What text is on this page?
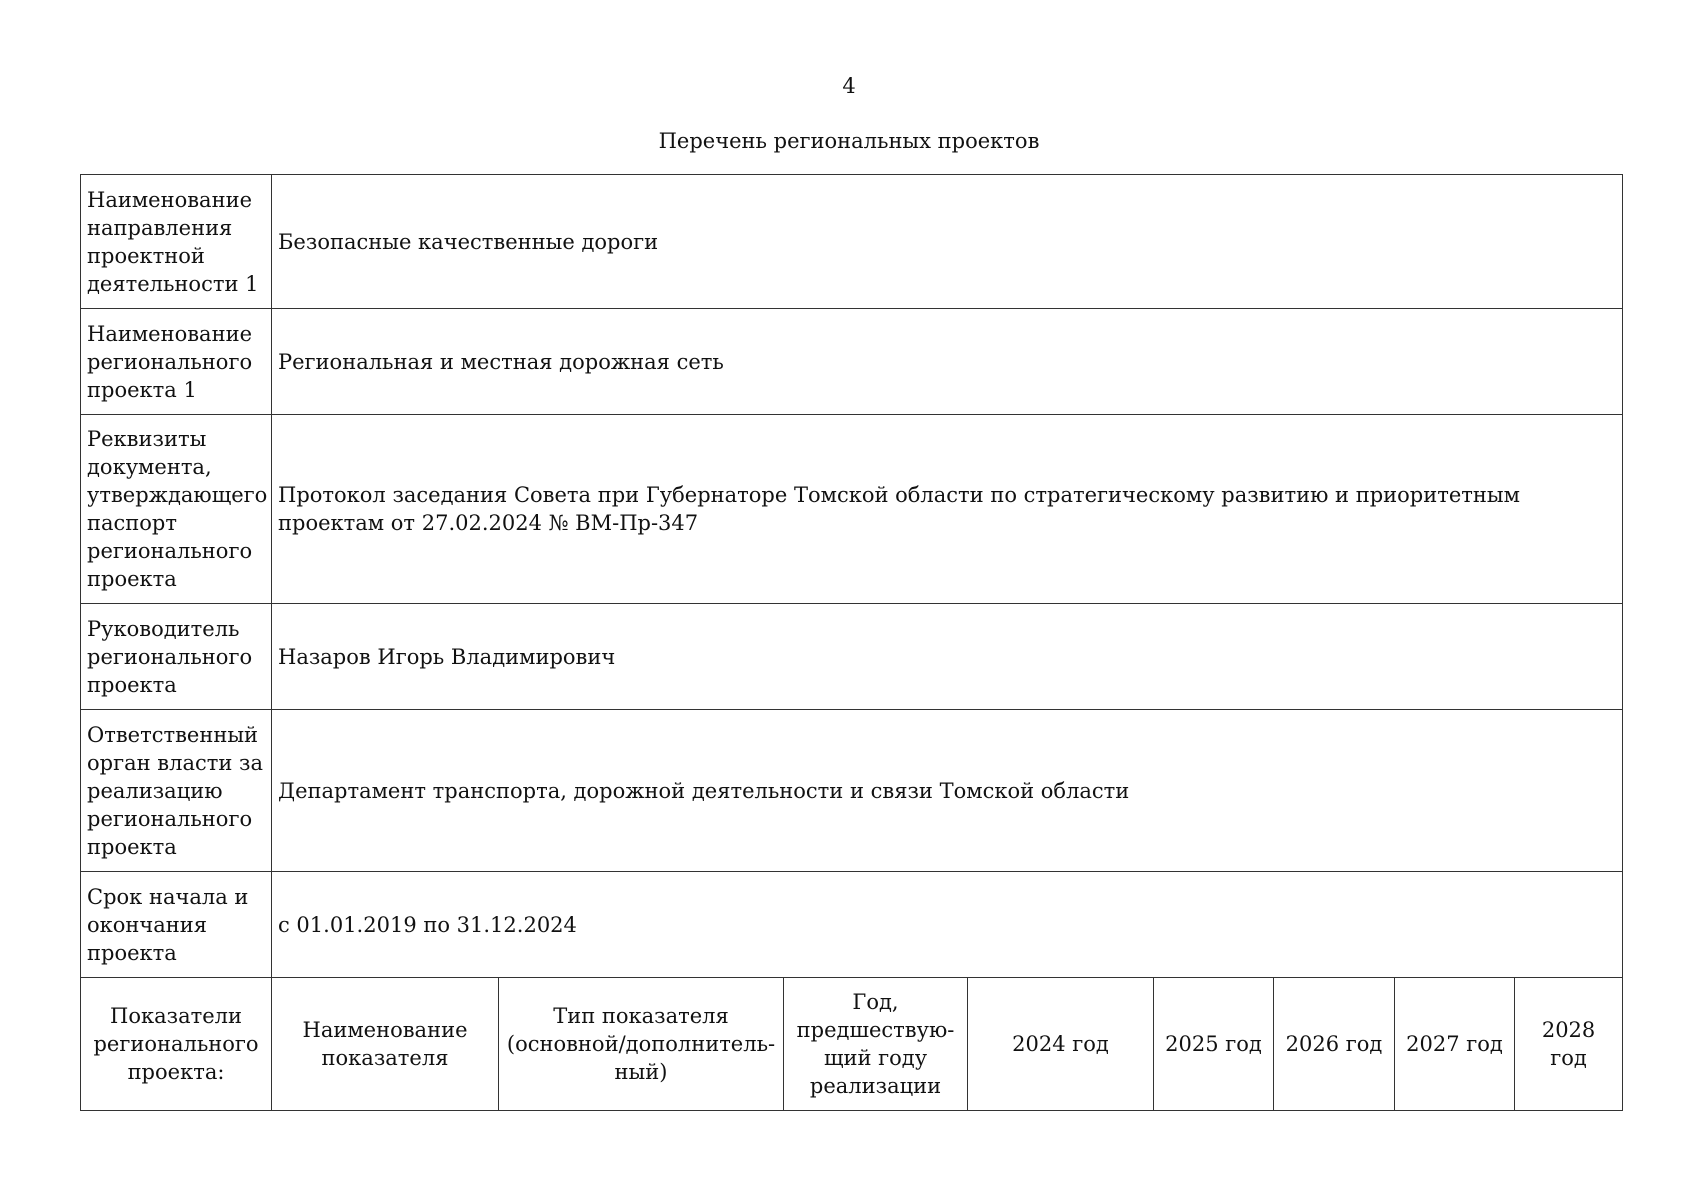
4
Перечень региональных проектов
Наименование направления проектной деятельности 1	Безопасные качественные дороги							
Наименование регионального проекта 1	Региональная и местная дорожная сеть							
Реквизиты документа, утверждающего паспорт регионального проекта	Протокол заседания Совета при Губернаторе Томской области по стратегическому развитию и приоритетным проектам от 27.02.2024 № ВМ-Пр-347							
Руководитель регионального проекта	Назаров Игорь Владимирович							
Ответственный орган власти за реализацию регионального проекта	Департамент транспорта, дорожной деятельности и связи Томской области							
Срок начала и окончания проекта	с 01.01.2019 по 31.12.2024							
Показатели регионального проекта:	Наименование показателя	Тип показателя (основной/дополнитель-ный)	Год, предшествую-щий году реализации	2024 год	2025 год	2026 год	2027 год	2028 год
